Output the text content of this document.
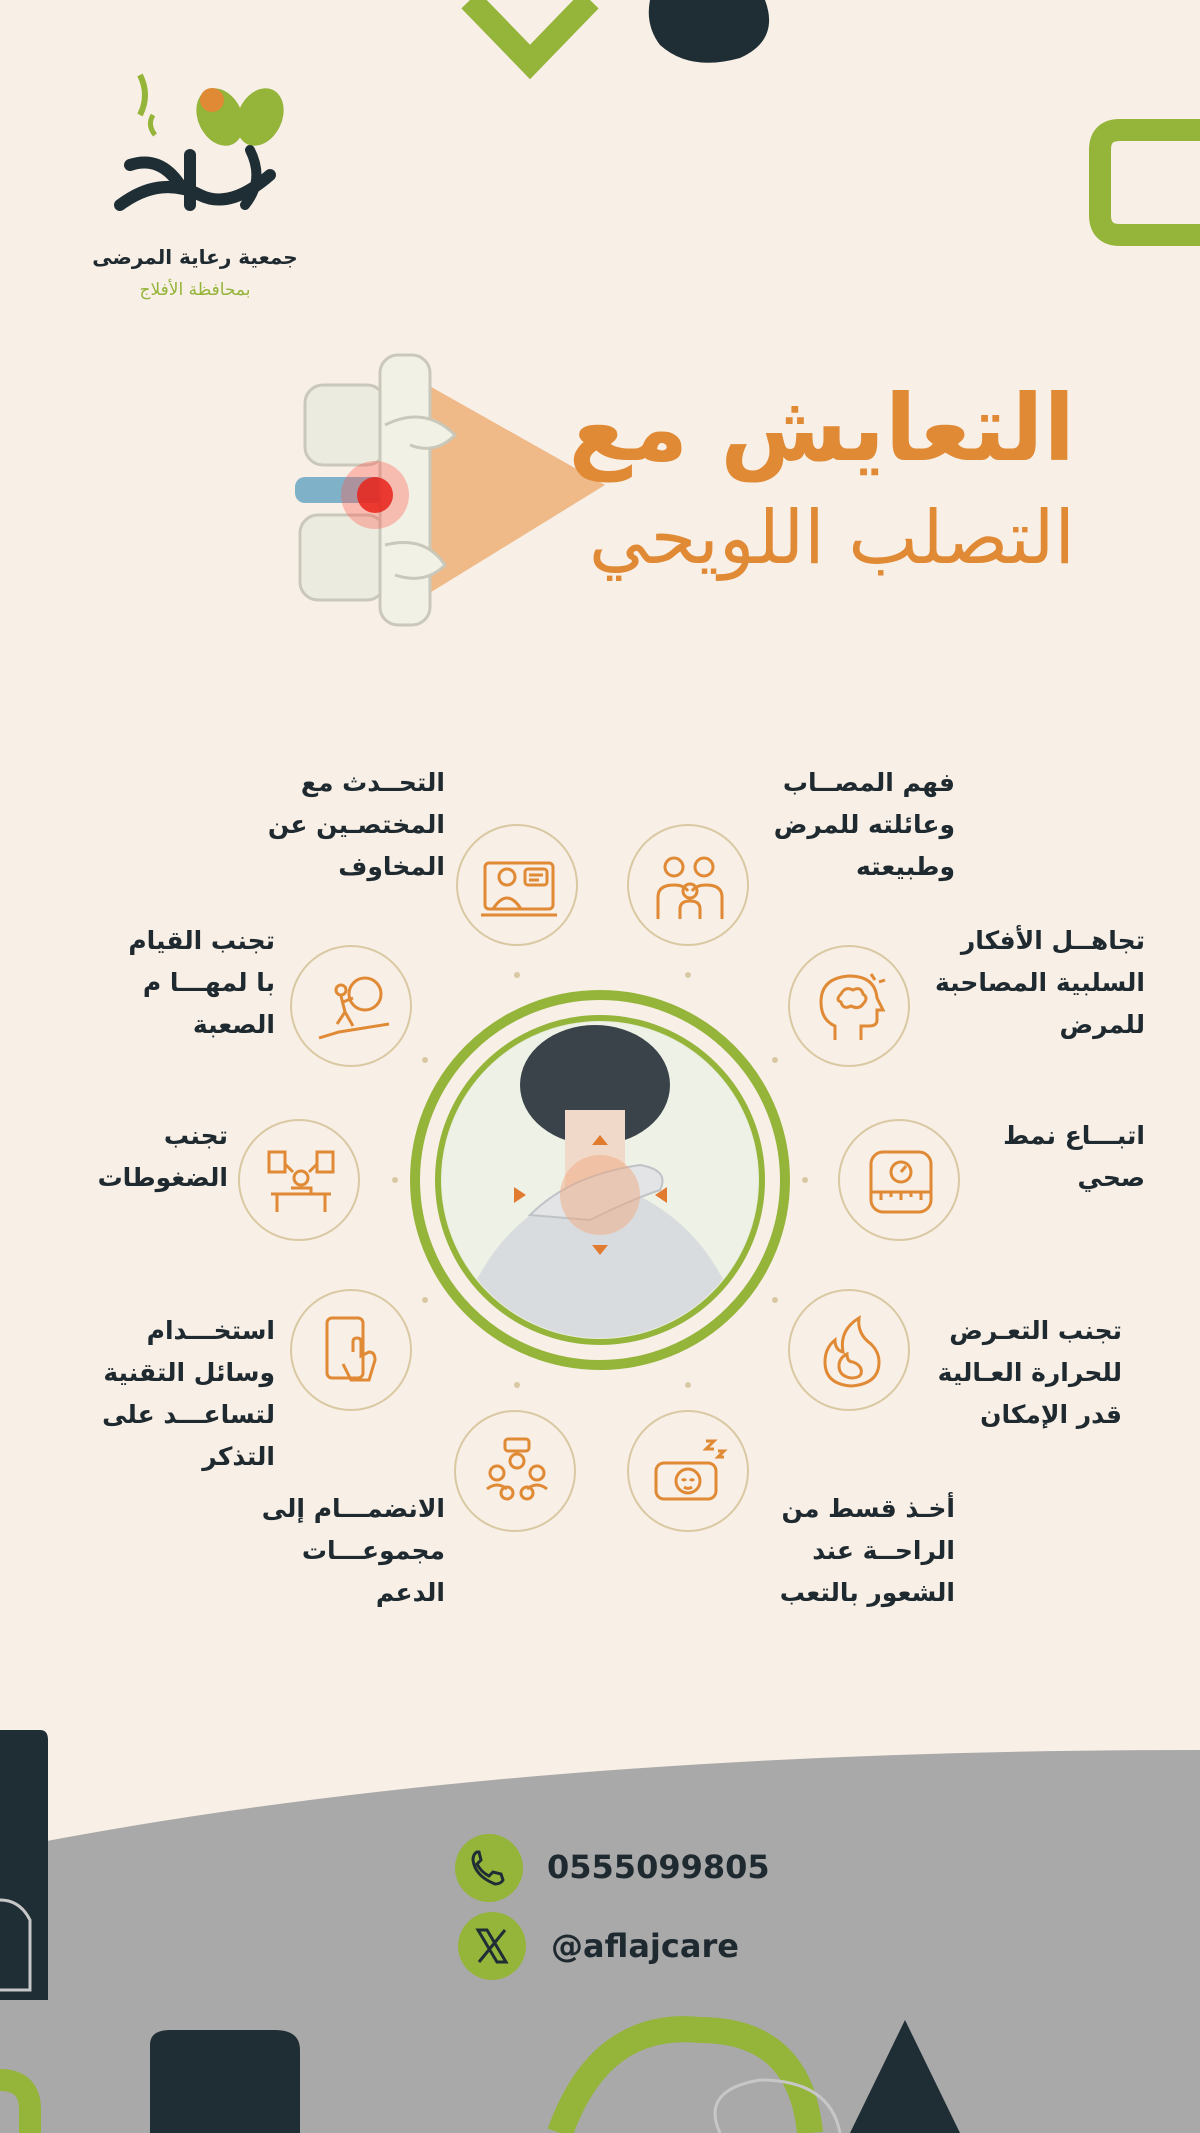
جمعية رعاية المرضى
بمحافظة الأفلاج
التعايش مع
التصلب اللويحي
التحــدث مع
المختصـين عن
المخاوف
تجنب القيام
با لمهـــا م
الصعبة
تجنب
الضغوطات
استخـــدام
وسائل التقنية
لتساعـــد على
التذكر
الانضمـــام إلى
مجموعـــات
الدعم
فهم المصــاب
وعائلته للمرض
وطبيعته
تجاهــل الأفكار
السلبية المصاحبة
للمرض
اتبـــاع نمط
صحي
تجنب التعـرض
للحرارة العـالية
قدر الإمكان
أخـذ قسط من
الراحــة عند
الشعور بالتعب
0555099805
@aflajcare
